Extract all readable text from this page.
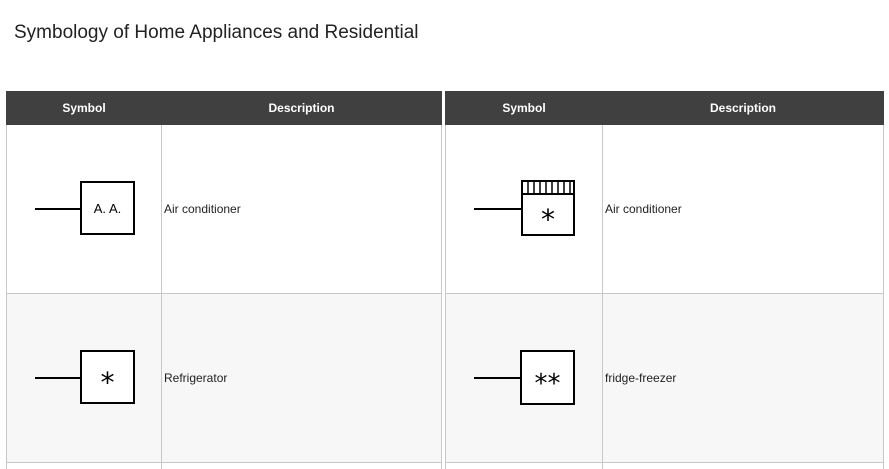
Symbology of Home Appliances and Residential
Symbol	Description

A. A.	Air conditioner

*	Refrigerator

Symbol	Description

*	Air conditioner

**	fridge-freezer
